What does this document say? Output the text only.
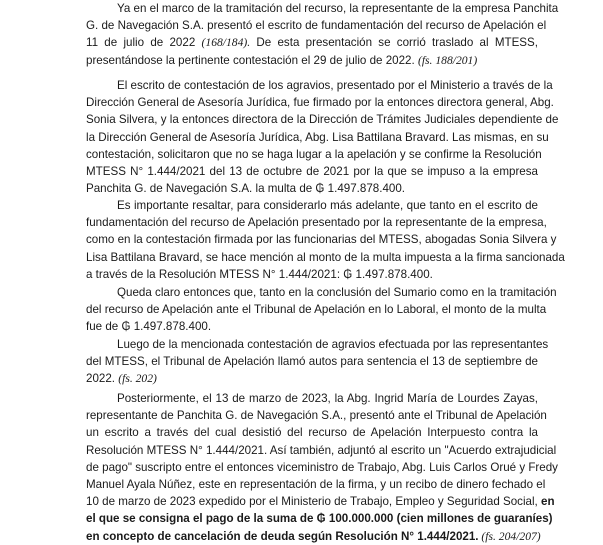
Ya en el marco de la tramitación del recurso, la representante de la empresa Panchita
G. de Navegación S.A. presentó el escrito de fundamentación del recurso de Apelación el
11 de julio de 2022 (168/184). De esta presentación se corrió traslado al MTESS,
presentándose la pertinente contestación el 29 de julio de 2022. (fs. 188/201)
El escrito de contestación de los agravios, presentado por el Ministerio a través de la
Dirección General de Asesoría Jurídica, fue firmado por la entonces directora general, Abg.
Sonia Silvera, y la entonces directora de la Dirección de Trámites Judiciales dependiente de
la Dirección General de Asesoría Jurídica, Abg. Lisa Battilana Bravard. Las mismas, en su
contestación, solicitaron que no se haga lugar a la apelación y se confirme la Resolución
MTESS N° 1.444/2021 del 13 de octubre de 2021 por la que se impuso a la empresa
Panchita G. de Navegación S.A. la multa de ₲ 1.497.878.400.
Es importante resaltar, para considerarlo más adelante, que tanto en el escrito de
fundamentación del recurso de Apelación presentado por la representante de la empresa,
como en la contestación firmada por las funcionarias del MTESS, abogadas Sonia Silvera y
Lisa Battilana Bravard, se hace mención al monto de la multa impuesta a la firma sancionada
a través de la Resolución MTESS N° 1.444/2021: ₲ 1.497.878.400.
Queda claro entonces que, tanto en la conclusión del Sumario como en la tramitación
del recurso de Apelación ante el Tribunal de Apelación en lo Laboral, el monto de la multa
fue de ₲ 1.497.878.400.
Luego de la mencionada contestación de agravios efectuada por las representantes
del MTESS, el Tribunal de Apelación llamó autos para sentencia el 13 de septiembre de
2022. (fs. 202)
Posteriormente, el 13 de marzo de 2023, la Abg. Ingrid María de Lourdes Zayas,
representante de Panchita G. de Navegación S.A., presentó ante el Tribunal de Apelación
un escrito a través del cual desistió del recurso de Apelación Interpuesto contra la
Resolución MTESS N° 1.444/2021. Así también, adjuntó al escrito un "Acuerdo extrajudicial
de pago" suscripto entre el entonces viceministro de Trabajo, Abg. Luis Carlos Orué y Fredy
Manuel Ayala Núñez, este en representación de la firma, y un recibo de dinero fechado el
10 de marzo de 2023 expedido por el Ministerio de Trabajo, Empleo y Seguridad Social, en
el que se consigna el pago de la suma de ₲ 100.000.000 (cien millones de guaraníes)
en concepto de cancelación de deuda según Resolución N° 1.444/2021. (fs. 204/207)
